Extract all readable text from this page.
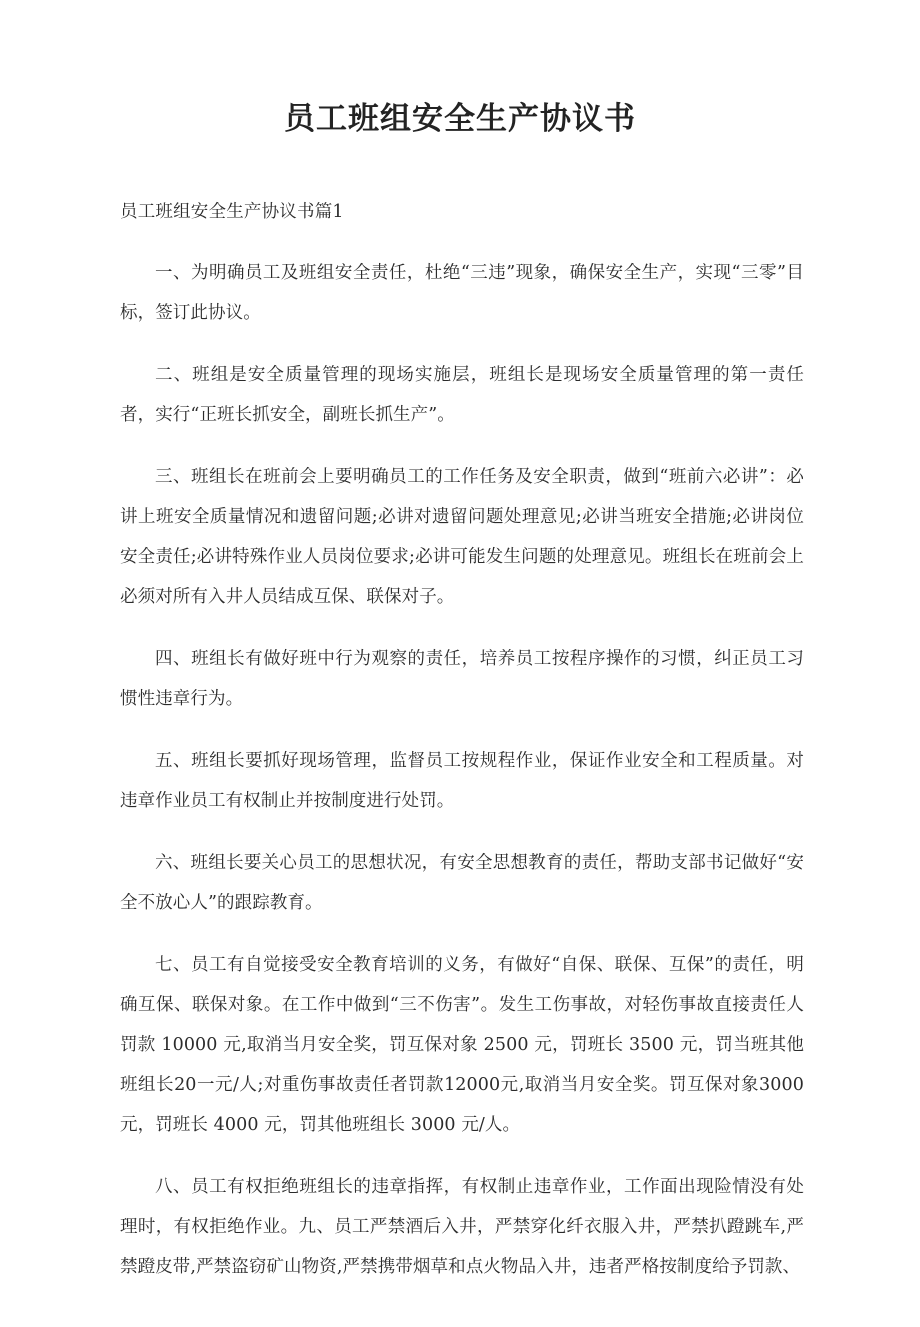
员工班组安全生产协议书
员工班组安全生产协议书篇1

一、为明确员工及班组安全责任，杜绝“三违”现象，确保安全生产，实现“三零”目标，签订此协议。

二、班组是安全质量管理的现场实施层，班组长是现场安全质量管理的第一责任者，实行“正班长抓安全，副班长抓生产”。

三、班组长在班前会上要明确员工的工作任务及安全职责，做到“班前六必讲”：必讲上班安全质量情况和遗留问题;必讲对遗留问题处理意见;必讲当班安全措施;必讲岗位安全责任;必讲特殊作业人员岗位要求;必讲可能发生问题的处理意见。班组长在班前会上必须对所有入井人员结成互保、联保对子。

四、班组长有做好班中行为观察的责任，培养员工按程序操作的习惯，纠正员工习惯性违章行为。

五、班组长要抓好现场管理，监督员工按规程作业，保证作业安全和工程质量。对违章作业员工有权制止并按制度进行处罚。

六、班组长要关心员工的思想状况，有安全思想教育的责任，帮助支部书记做好“安全不放心人”的跟踪教育。

七、员工有自觉接受安全教育培训的义务，有做好“自保、联保、互保”的责任，明确互保、联保对象。在工作中做到“三不伤害”。发生工伤事故，对轻伤事故直接责任人罚款 10000 元,取消当月安全奖，罚互保对象 2500 元，罚班长 3500 元，罚当班其他班组长20一元/人;对重伤事故责任者罚款12000元,取消当月安全奖。罚互保对象3000元，罚班长 4000 元，罚其他班组长 3000 元/人。

八、员工有权拒绝班组长的违章指挥，有权制止违章作业，工作面出现险情没有处理时，有权拒绝作业。九、员工严禁酒后入井，严禁穿化纤衣服入井，严禁扒蹬跳车,严禁蹬皮带,严禁盗窃矿山物资,严禁携带烟草和点火物品入井，违者严格按制度给予罚款、
